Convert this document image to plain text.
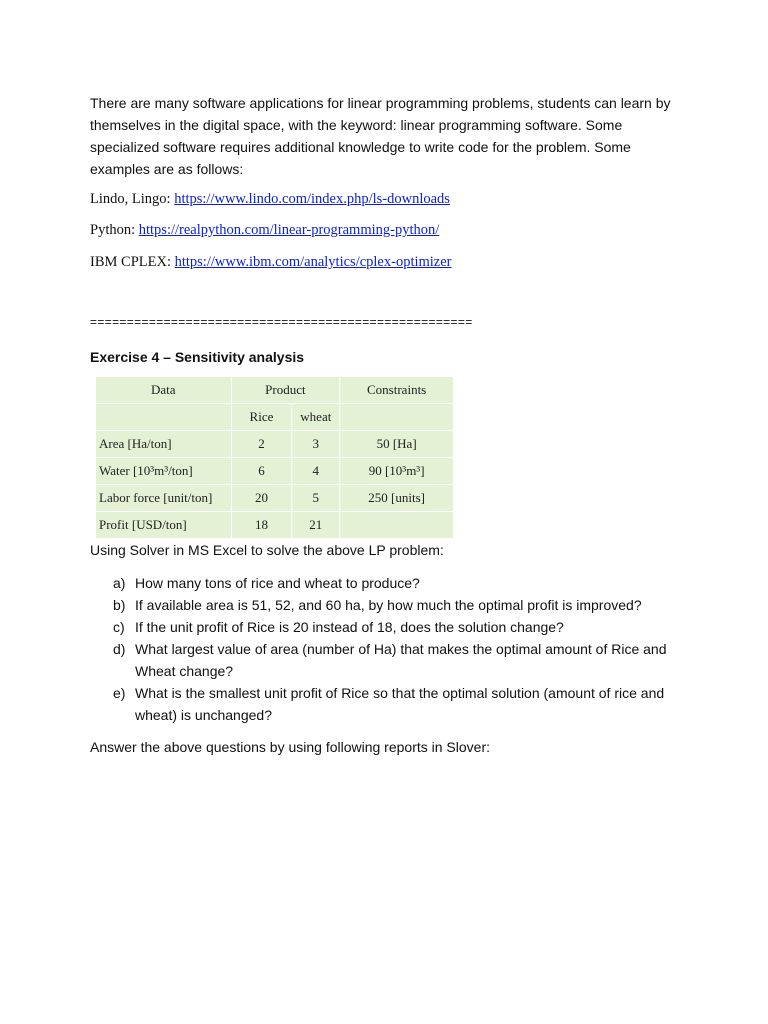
There are many software applications for linear programming problems, students can learn by themselves in the digital space, with the keyword: linear programming software. Some specialized software requires additional knowledge to write code for the problem. Some examples are as follows:

Lindo, Lingo: https://www.lindo.com/index.php/ls-downloads
Python: https://realpython.com/linear-programming-python/
IBM CPLEX: https://www.ibm.com/analytics/cplex-optimizer
====================================================
Exercise 4 – Sensitivity analysis
Data	Product		Constraints
	Rice	wheat	
Area [Ha/ton]	2	3	50 [Ha]
Water [10³m³/ton]	6	4	90 [10³m³]
Labor force [unit/ton]	20	5	250 [units]
Profit [USD/ton]	18	21	

Using Solver in MS Excel to solve the above LP problem:

a) How many tons of rice and wheat to produce?
b) If available area is 51, 52, and 60 ha, by how much the optimal profit is improved?
c) If the unit profit of Rice is 20 instead of 18, does the solution change?
d) What largest value of area (number of Ha) that makes the optimal amount of Rice and Wheat change?
e) What is the smallest unit profit of Rice so that the optimal solution (amount of rice and wheat) is unchanged?

Answer the above questions by using following reports in Slover:
